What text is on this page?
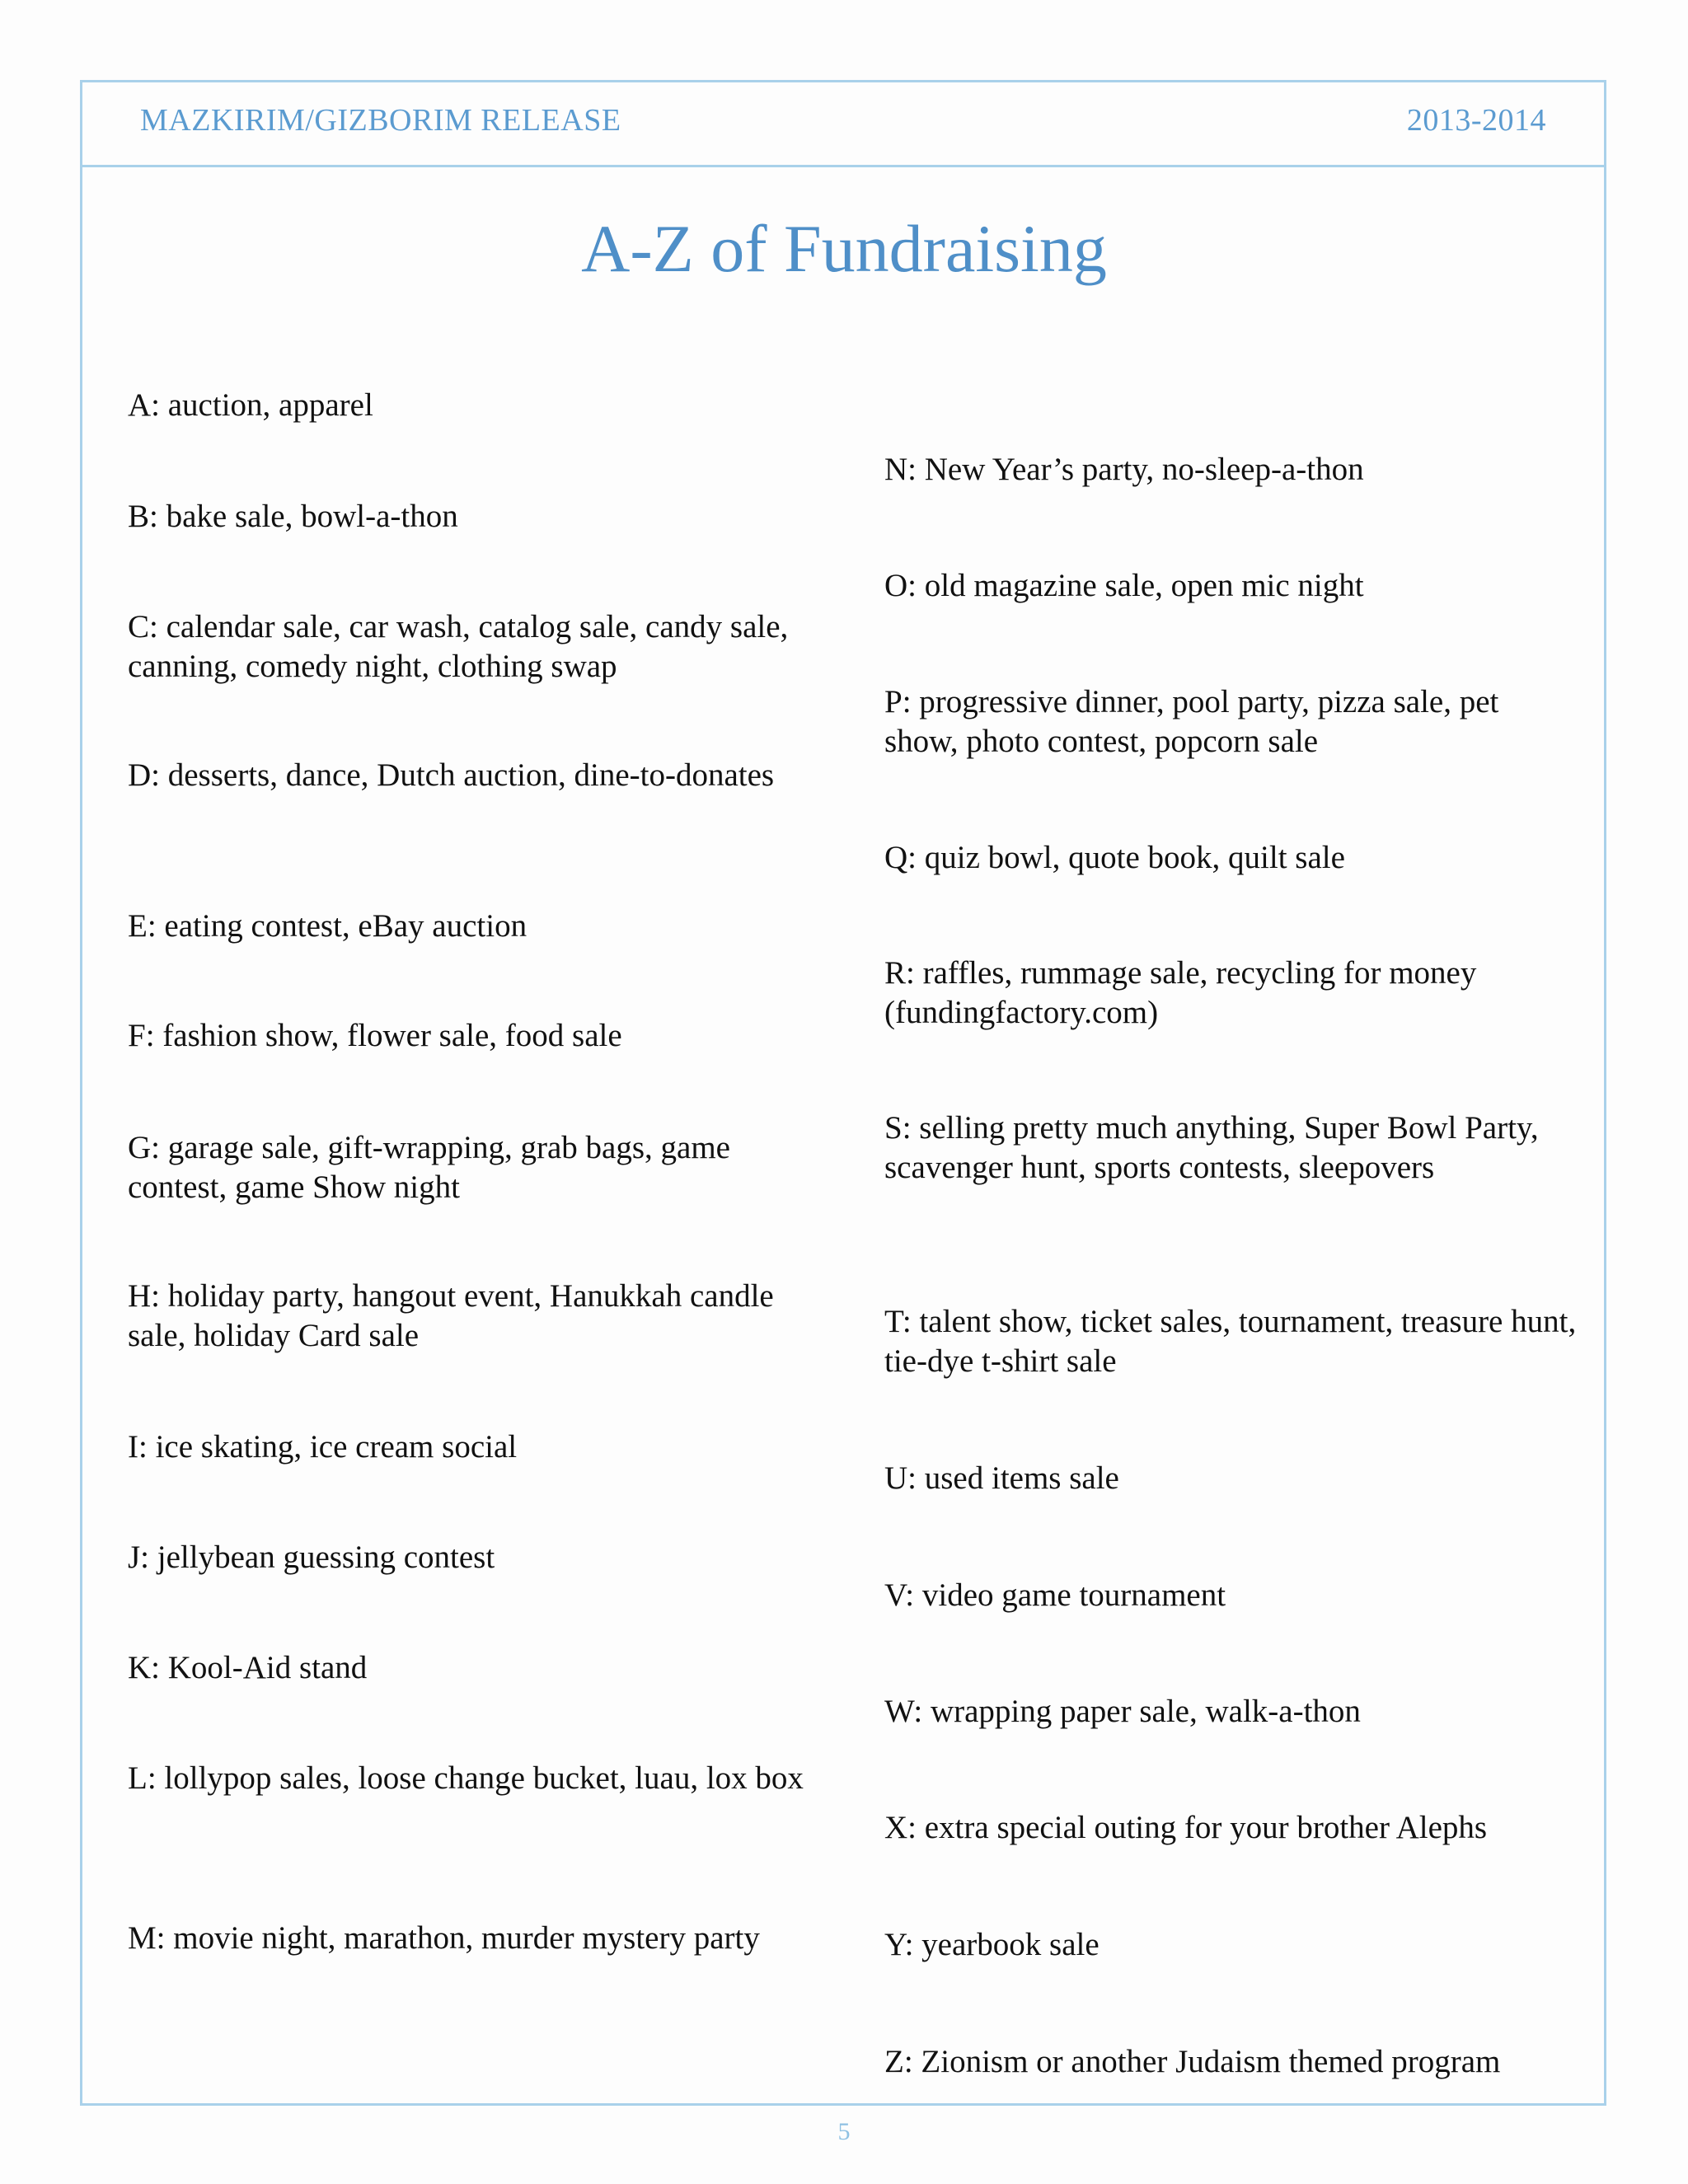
MAZKIRIM/GIZBORIM RELEASE	2013-2014
A-Z of Fundraising
A: auction, apparel
B: bake sale, bowl-a-thon
C: calendar sale, car wash, catalog sale, candy sale, canning, comedy night, clothing swap
D: desserts, dance, Dutch auction, dine-to-donates
E: eating contest, eBay auction
F: fashion show, flower sale, food sale
G: garage sale, gift-wrapping, grab bags, game contest, game Show night
H: holiday party, hangout event, Hanukkah candle sale, holiday Card sale
I: ice skating, ice cream social
J: jellybean guessing contest
K: Kool-Aid stand
L: lollypop sales, loose change bucket, luau, lox box
M: movie night, marathon, murder mystery party
N: New Year’s party, no-sleep-a-thon
O: old magazine sale, open mic night
P: progressive dinner, pool party, pizza sale, pet show, photo contest, popcorn sale
Q: quiz bowl, quote book, quilt sale
R: raffles, rummage sale, recycling for money (fundingfactory.com)
S: selling pretty much anything, Super Bowl Party, scavenger hunt, sports contests, sleepovers
T: talent show, ticket sales, tournament, treasure hunt, tie-dye t-shirt sale
U: used items sale
V: video game tournament
W: wrapping paper sale, walk-a-thon
X: extra special outing for your brother Alephs
Y: yearbook sale
Z: Zionism or another Judaism themed program
5
